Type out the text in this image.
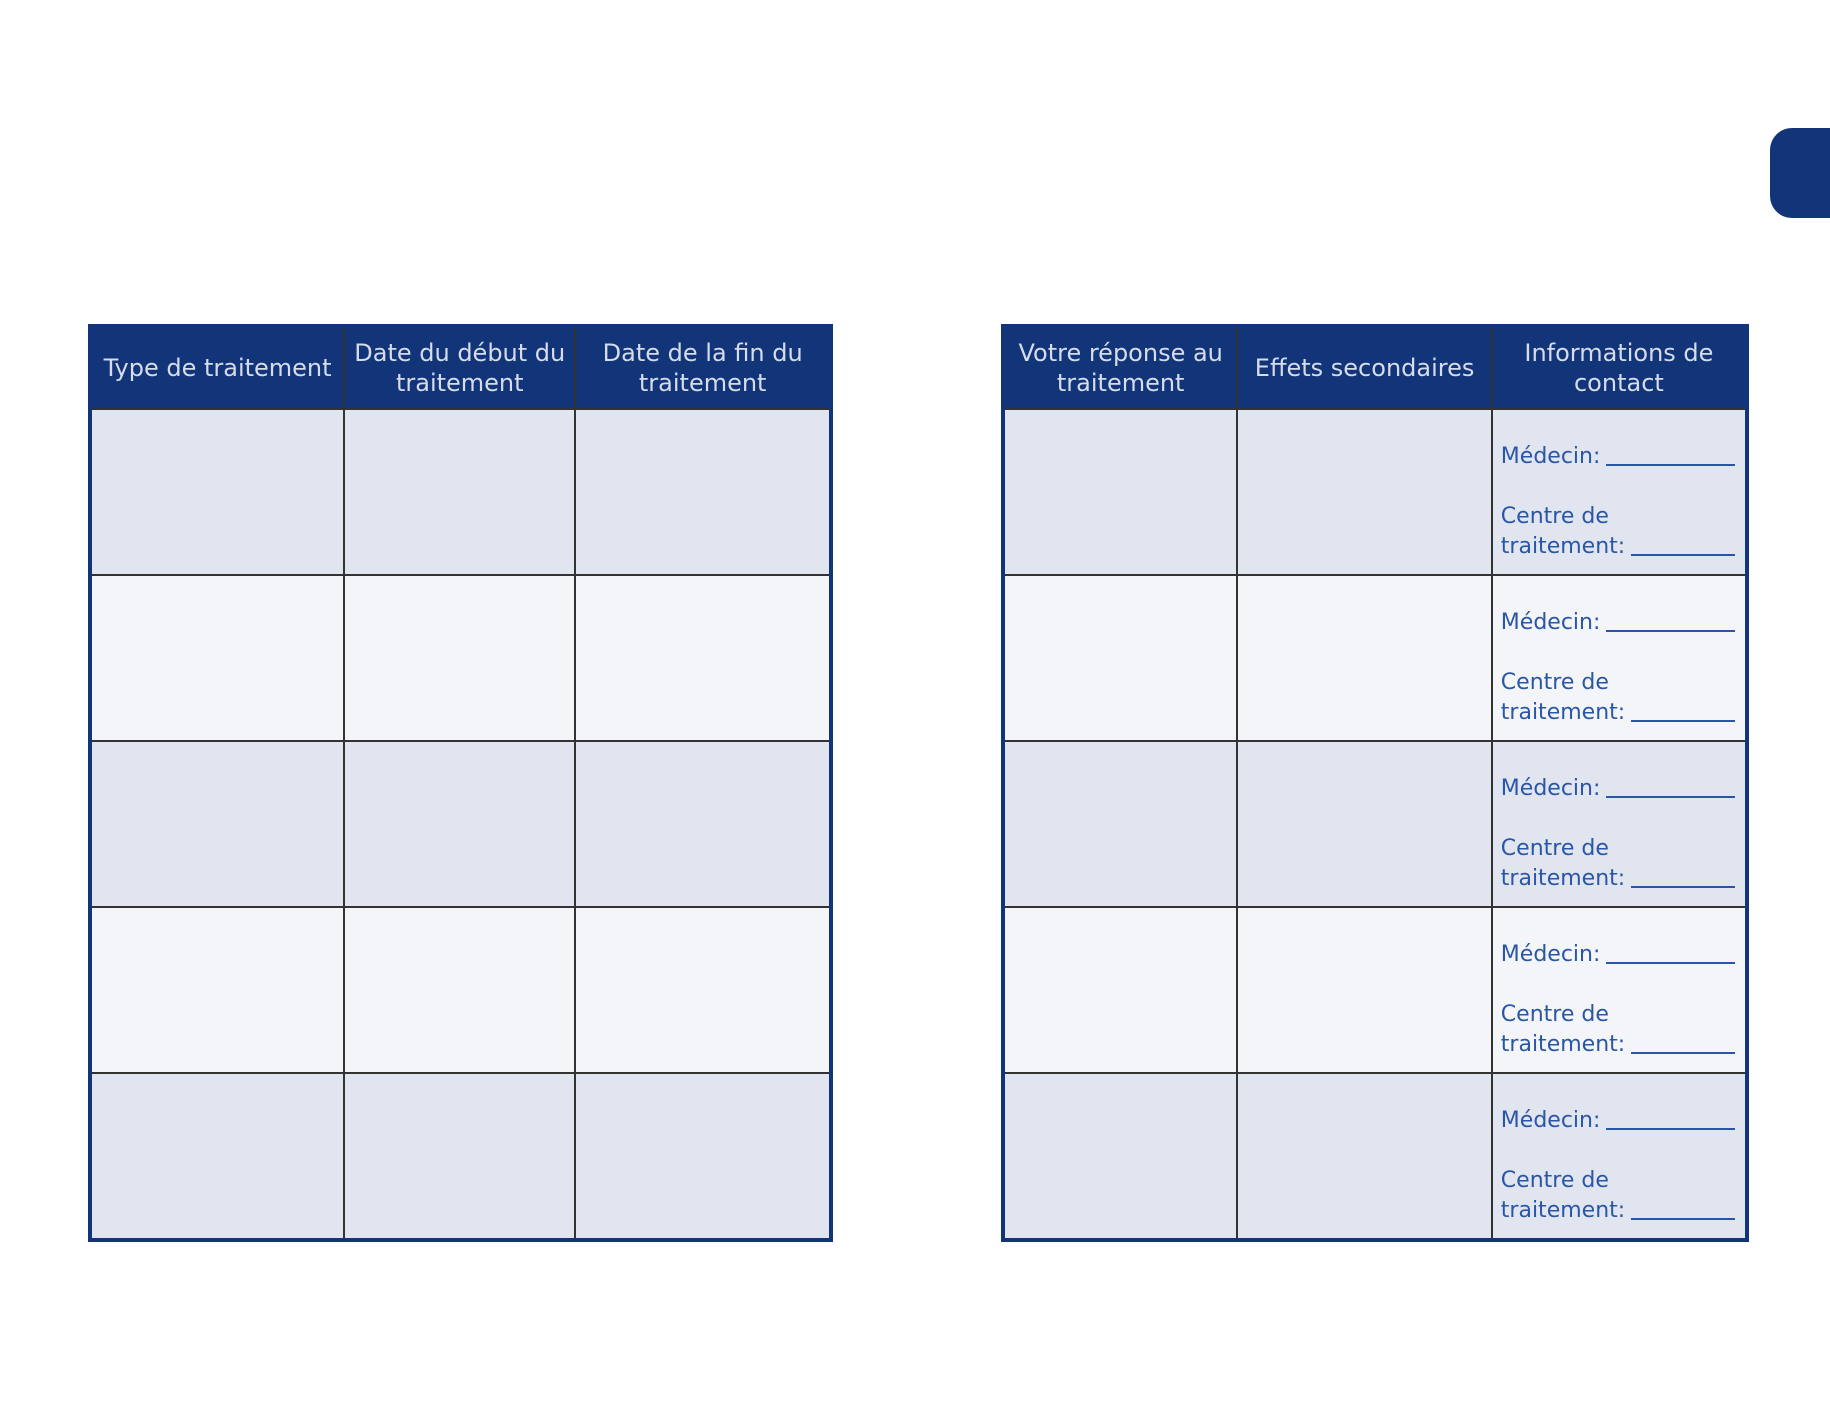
Type de traitement	Date du début du traitement	Date de la fin du traitement

Votre réponse au traitement	Effets secondaires	Informations de contact

		Médecin:
Centre de
traitement:

		Médecin:
Centre de
traitement:

		Médecin:
Centre de
traitement:

		Médecin:
Centre de
traitement:

		Médecin:
Centre de
traitement:
